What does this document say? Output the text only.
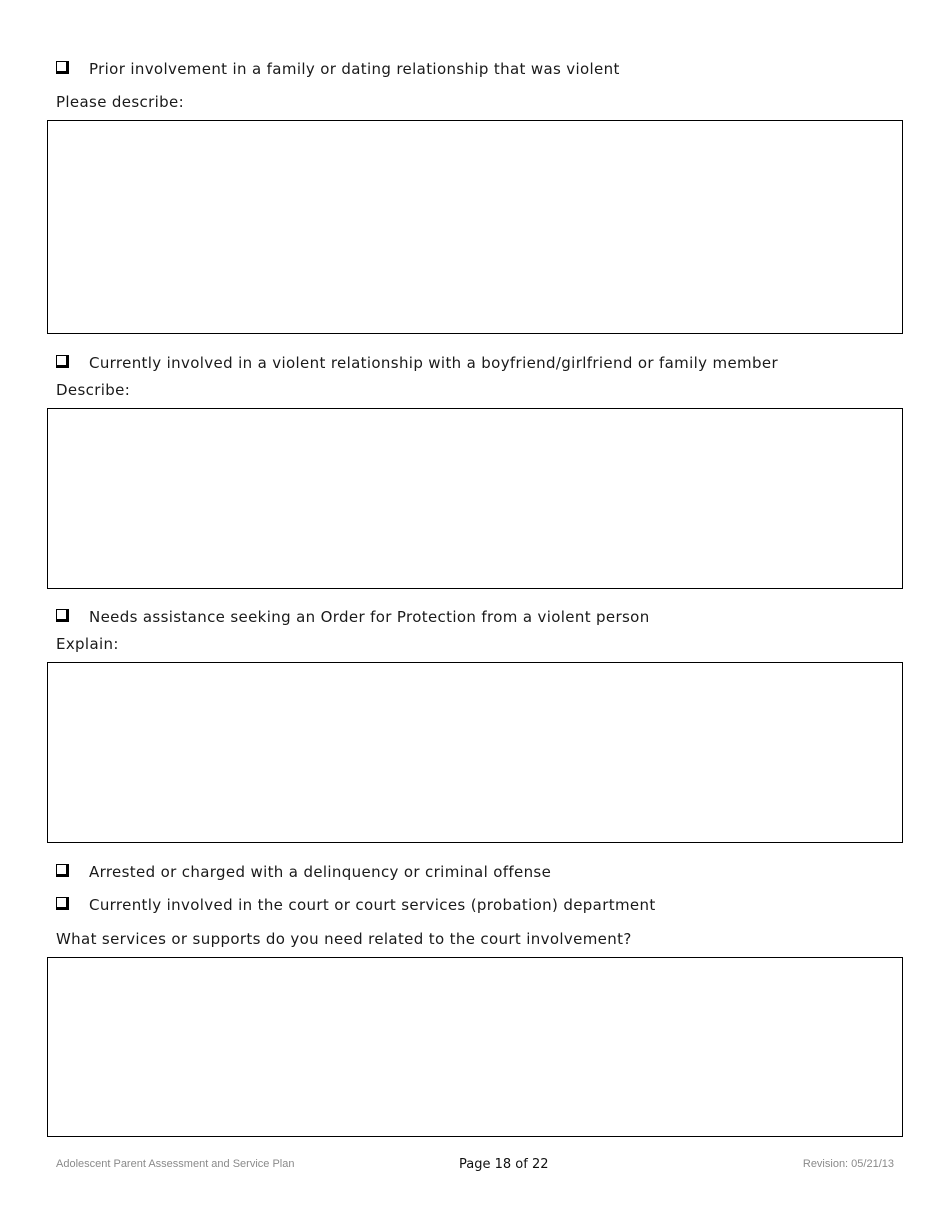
Prior involvement in a family or dating relationship that was violent
Please describe:
Currently involved in a violent relationship with a boyfriend/girlfriend or family member
Describe:
Needs assistance seeking an Order for Protection from a violent person
Explain:
Arrested or charged with a delinquency or criminal offense
Currently involved in the court or court services (probation) department
What services or supports do you need related to the court involvement?
Adolescent Parent Assessment and Service Plan	Page 18 of 22	Revision: 05/21/13
